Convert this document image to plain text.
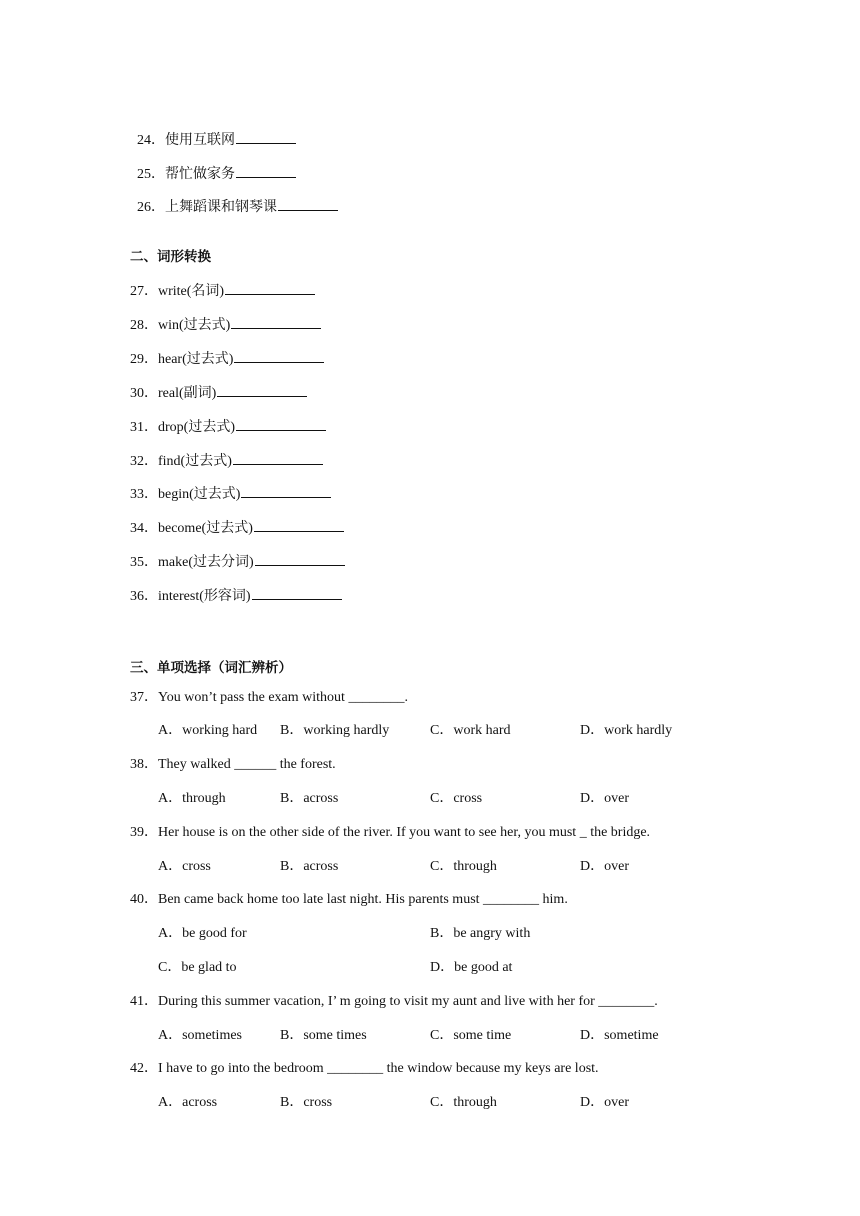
24．使用互联网

25．帮忙做家务

26．上舞蹈课和钢琴课

二、词形转换
27．write(名词)
28．win(过去式)
29．hear(过去式)
30．real(副词)
31．drop(过去式)
32．find(过去式)
33．begin(过去式)
34．become(过去式)
35．make(过去分词)
36．interest(形容词)
三、单项选择（词汇辨析）
37．You won’t pass the exam without ________.
A．working hard B．working hardly	C．work hard	D．work hardly
38．They walked ______ the forest.
A．through	B．across	C．cross	D．over
39．Her house is on the other side of the river. If you want to see her, you must _ the bridge.
A．cross	B．across	C．through	D．over
40．Ben came back home too late last night. His parents must ________ him.
A．be good for	B．be angry with
C．be glad to	D．be good at
41．During this summer vacation, I’ m going to visit my aunt and live with her for ________.
A．sometimes	B．some times	C．some time	D．sometime
42．I have to go into the bedroom ________ the window because my keys are lost.
A．across	B．cross	C．through	D．over
